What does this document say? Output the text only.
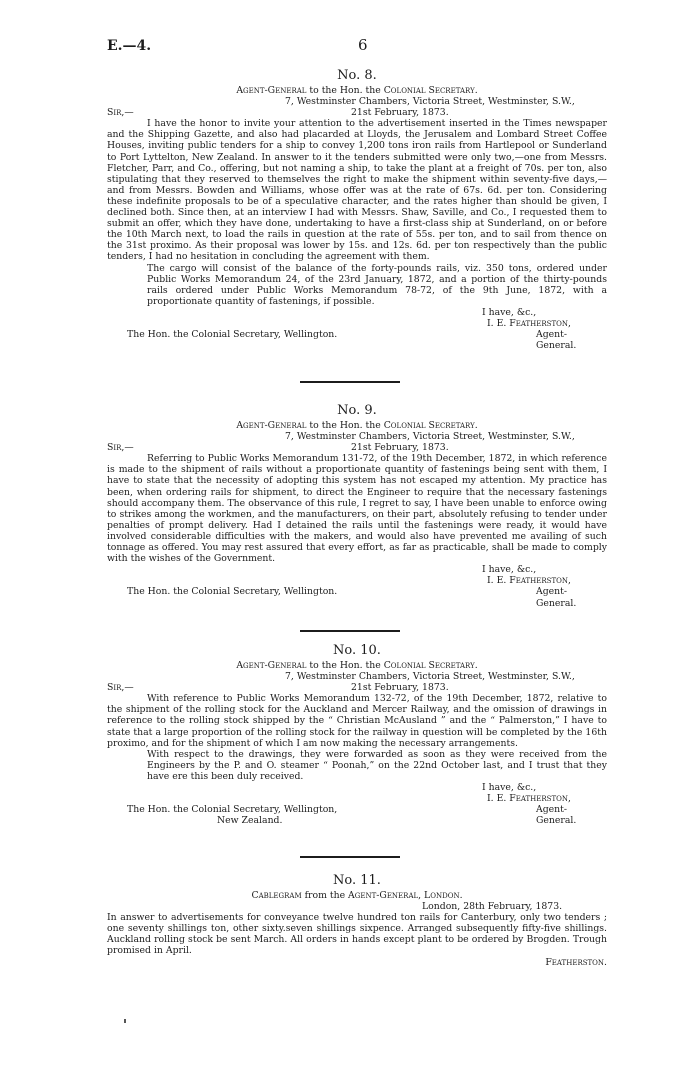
E.—4.	6
No. 8.
Agent-General to the Hon. the Colonial Secretary.
7, Westminster Chambers, Victoria Street, Westminster, S.W.,
21st February, 1873.
Sir,—

I have the honor to invite your attention to the advertisement inserted in the Times newspaper and the Shipping Gazette, and also had placarded at Lloyds, the Jerusalem and Lombard Street Coffee Houses, inviting public tenders for a ship to convey 1,200 tons iron rails from Hartlepool or Sunderland to Port Lyttelton, New Zealand. In answer to it the tenders submitted were only two,—one from Messrs. Fletcher, Parr, and Co., offering, but not naming a ship, to take the plant at a freight of 70s. per ton, also stipulating that they reserved to themselves the right to make the shipment within seventy-five days,—and from Messrs. Bowden and Williams, whose offer was at the rate of 67s. 6d. per ton. Considering these indefinite proposals to be of a speculative character, and the rates higher than should be given, I declined both. Since then, at an interview I had with Messrs. Shaw, Saville, and Co., I requested them to submit an offer, which they have done, undertaking to have a first-class ship at Sunderland, on or before the 10th March next, to load the rails in question at the rate of 55s. per ton, and to sail from thence on the 31st proximo. As their proposal was lower by 15s. and 12s. 6d. per ton respectively than the public tenders, I had no hesitation in concluding the agreement with them.

The cargo will consist of the balance of the forty-pounds rails, viz. 350 tons, ordered under Public Works Memorandum 24, of the 23rd January, 1872, and a portion of the thirty-pounds rails ordered under Public Works Memorandum 78-72, of the 9th June, 1872, with a proportionate quantity of fastenings, if possible.

I have, &c.,
I. E. Featherston,
The Hon. the Colonial Secretary, Wellington.	Agent-General.
No. 9.
Agent-General to the Hon. the Colonial Secretary.
7, Westminster Chambers, Victoria Street, Westminster, S.W.,
21st February, 1873.
Sir,—

Referring to Public Works Memorandum 131-72, of the 19th December, 1872, in which reference is made to the shipment of rails without a proportionate quantity of fastenings being sent with them, I have to state that the necessity of adopting this system has not escaped my attention. My practice has been, when ordering rails for shipment, to direct the Engineer to require that the necessary fastenings should accompany them. The observance of this rule, I regret to say, I have been unable to enforce owing to strikes among the workmen, and the manufacturers, on their part, absolutely refusing to tender under penalties of prompt delivery. Had I detained the rails until the fastenings were ready, it would have involved considerable difficulties with the makers, and would also have prevented me availing of such tonnage as offered. You may rest assured that every effort, as far as practicable, shall be made to comply with the wishes of the Government.

I have, &c.,
I. E. Featherston,
The Hon. the Colonial Secretary, Wellington.	Agent-General.
No. 10.
Agent-General to the Hon. the Colonial Secretary.
7, Westminster Chambers, Victoria Street, Westminster, S.W.,
21st February, 1873.
Sir,—

With reference to Public Works Memorandum 132-72, of the 19th December, 1872, relative to the shipment of the rolling stock for the Auckland and Mercer Railway, and the omission of drawings in reference to the rolling stock shipped by the “ Christian McAusland ” and the “ Palmerston,” I have to state that a large proportion of the rolling stock for the railway in question will be completed by the 16th proximo, and for the shipment of which I am now making the necessary arrangements.

With respect to the drawings, they were forwarded as soon as they were received from the Engineers by the P. and O. steamer “ Poonah,” on the 22nd October last, and I trust that they have ere this been duly received.

I have, &c.,
I. E. Featherston,
The Hon. the Colonial Secretary, Wellington,	Agent-General.
New Zealand.
No. 11.
Cablegram from the Agent-General, London.
London, 28th February, 1873.

In answer to advertisements for conveyance twelve hundred ton rails for Canterbury, only two tenders ; one seventy shillings ton, other sixty.seven shillings sixpence. Arranged subsequently fifty-five shillings. Auckland rolling stock be sent March. All orders in hands except plant to be ordered by Brogden. Trough promised in April.

Featherston.
